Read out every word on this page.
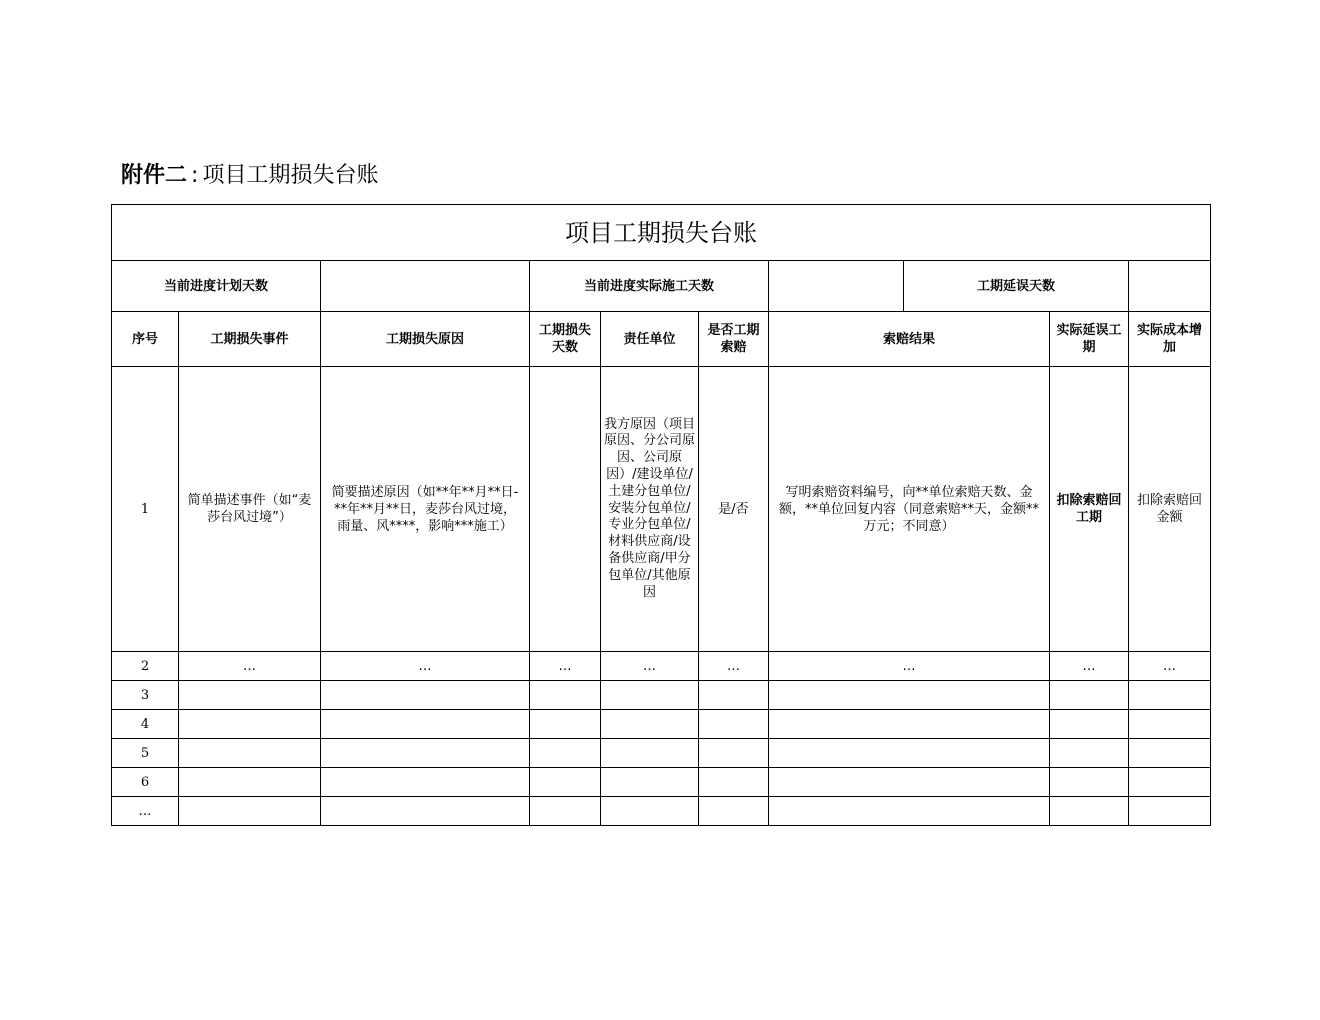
附件二 : 项目工期损失台账
项目工期损失台账									
当前进度计划天数			当前进度实际施工天数				工期延误天数		
序号	工期损失事件	工期损失原因	工期损失天数	责任单位	是否工期索赔	索赔结果		实际延误工期	实际成本增加
1	简单描述事件（如“麦莎台风过境”）	简要描述原因（如**年**月**日-**年**月**日，麦莎台风过境，雨量、风****，影响***施工）		我方原因（项目原因、分公司原因、公司原因）/建设单位/土建分包单位/安装分包单位/专业分包单位/材料供应商/设备供应商/甲分包单位/其他原因	是/否	写明索赔资料编号，向**单位索赔天数、金额，**单位回复内容（同意索赔**天，金额**万元；不同意）		扣除索赔回工期	扣除索赔回金额
2	…	…	…	…	…	…		…	…
3									
4									
5									
6									
…									
